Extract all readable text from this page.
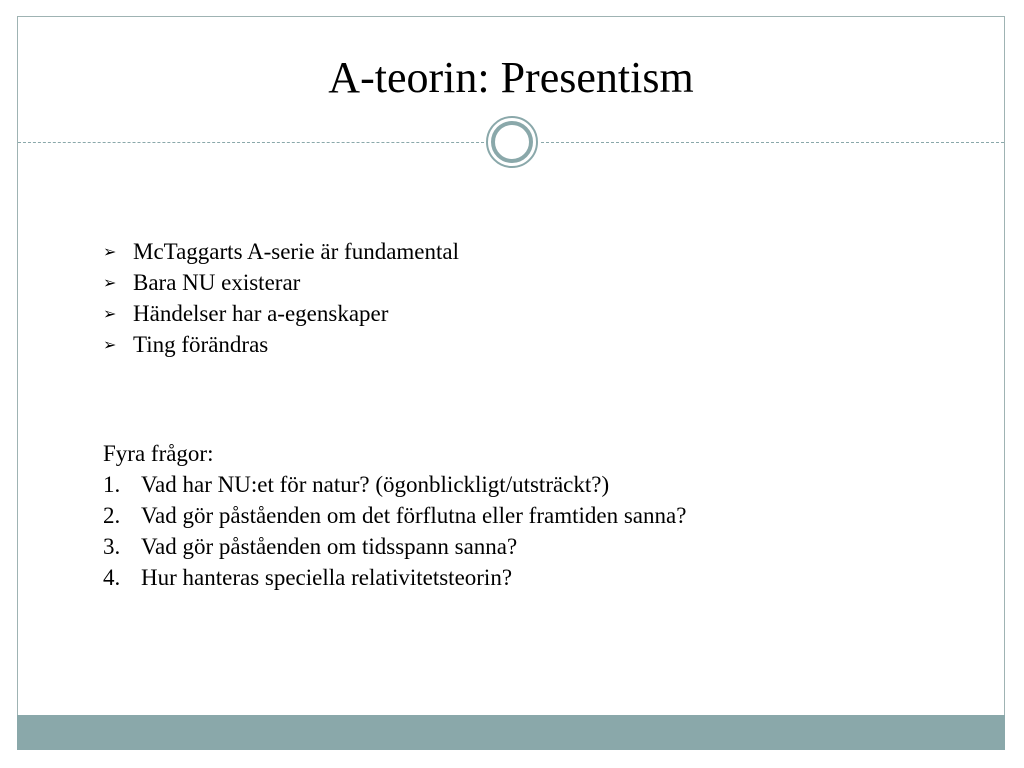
A-teorin: Presentism
➢ McTaggarts A-serie är fundamental
➢ Bara NU existerar
➢ Händelser har a-egenskaper
➢ Ting förändras

Fyra frågor:

1. Vad har NU:et för natur? (ögonblickligt/utsträckt?)
2. Vad gör påståenden om det förflutna eller framtiden sanna?
3. Vad gör påståenden om tidsspann sanna?
4. Hur hanteras speciella relativitetsteorin?
